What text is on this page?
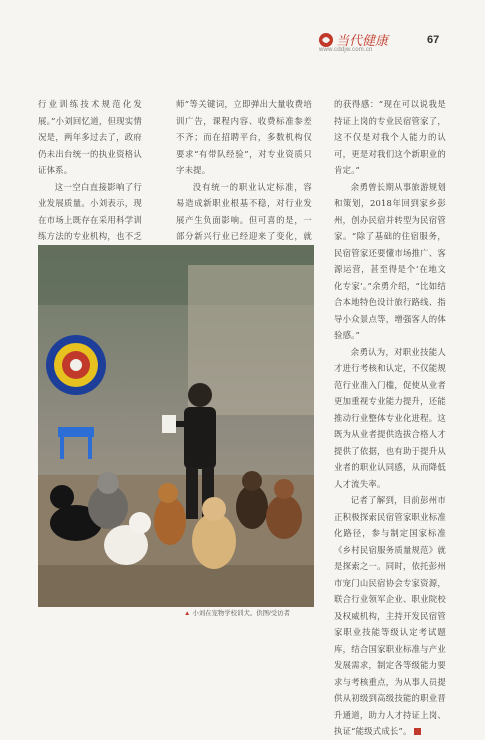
当代健康
www.cddjw.com.cn
67

行业训练技术规范化发展。”小刘回忆道，但现实情况是，两年多过去了，政府仍未出台统一的执业资格认证体系。

这一空白直接影响了行业发展质量。小刘表示，现在市场上既存在采用科学训练方法的专业机构，也不乏

师”等关键词，立即弹出大量收费培训广告，课程内容、收费标准参差不齐；而在招聘平台，多数机构仅要求“有带队经验”，对专业资质只字未提。

没有统一的职业认定标准，容易造成新职业根基不稳，对行业发展产生负面影响。但可喜的是，一部分新兴行业已经迎来了变化，就

的获得感：“现在可以说我是持证上岗的专业民宿管家了，这不仅是对我个人能力的认可，更是对我们这个新职业的肯定。”

余勇曾长期从事旅游规划和策划，2018年回到家乡彭州，创办民宿并转型为民宿管家。“除了基础的住宿服务，民宿管家还要懂市场推广、客源运营，甚至得是个‘在地文化专家’。”余勇介绍，“比如结合本地特色设计旅行路线、指导小众景点等，增强客人的体验感。”

余勇认为，对职业技能人才进行考核和认定，不仅能规范行业准入门槛，促使从业者更加重视专业能力提升，还能推动行业整体专业化进程。这既为从业者提供选拔合格人才提供了依据，也有助于提升从业者的职业认同感，从而降低人才流失率。

记者了解到，目前彭州市正积极探索民宿管家职业标准化路径，参与制定国家标准《乡村民宿服务质量规范》就是探索之一。同时，依托彭州市宠门山民宿协会专家资源，联合行业领军企业、职业院校及权威机构，主持开发民宿管家职业技能等级认定考试题库，结合国家职业标准与产业发展需求，制定各等级能力要求与考核重点，为从事人员提供从初级到高级技能的职业晋升通道，助力人才持证上岗、执证“能级式成长”。

▲ 小刘在宠物学校训犬。供图/受访者
